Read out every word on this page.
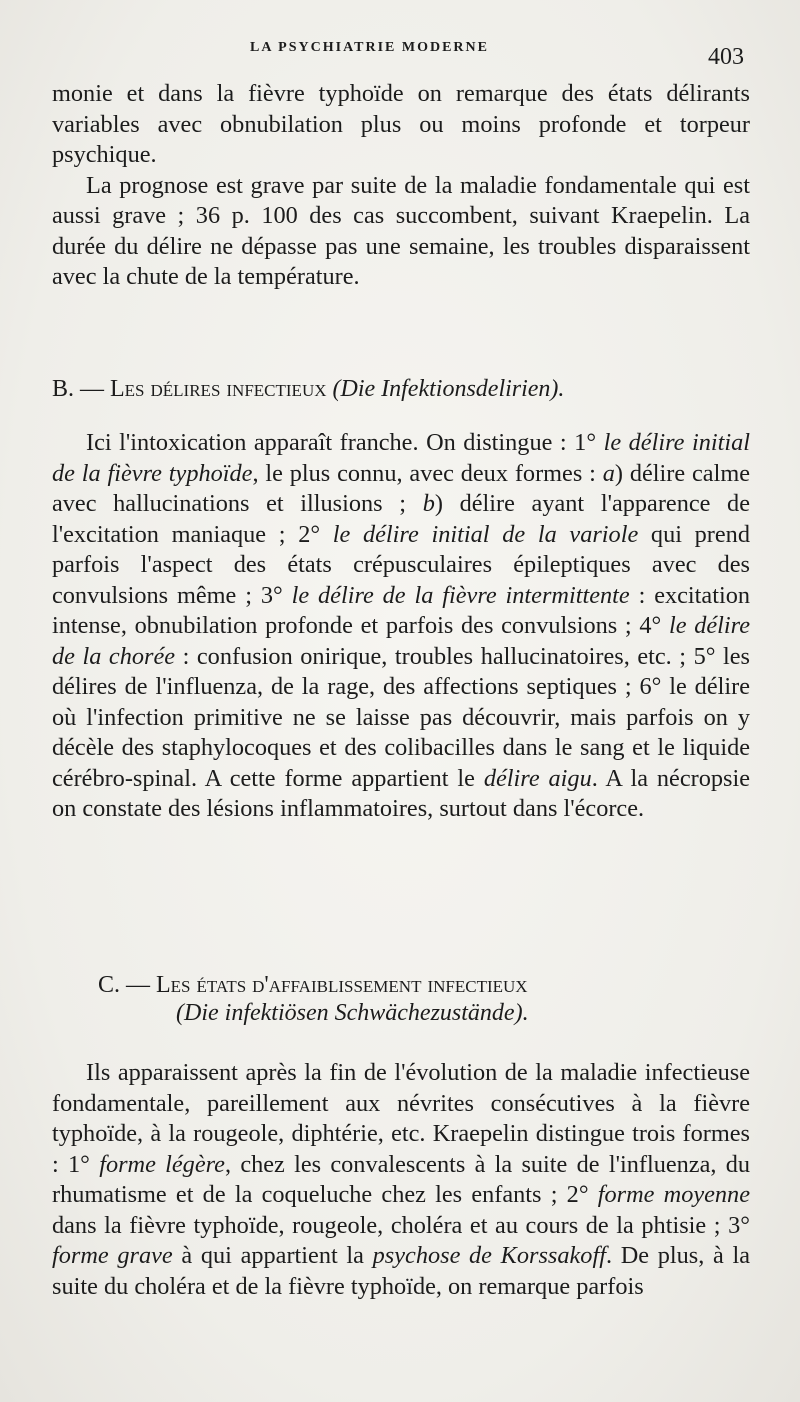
LA PSYCHIATRIE MODERNE	403

monie et dans la fièvre typhoïde on remarque des états délirants variables avec obnubilation plus ou moins profonde et torpeur psychique.

La prognose est grave par suite de la maladie fondamentale qui est aussi grave ; 36 p. 100 des cas succombent, suivant Kraepelin. La durée du délire ne dépasse pas une semaine, les troubles disparaissent avec la chute de la température.

B. — Les délires infectieux (Die Infektionsdelirien).

Ici l'intoxication apparaît franche. On distingue : 1° le délire initial de la fièvre typhoïde, le plus connu, avec deux formes : a) délire calme avec hallucinations et illusions ; b) délire ayant l'apparence de l'excitation maniaque ; 2° le délire initial de la variole qui prend parfois l'aspect des états crépusculaires épileptiques avec des convulsions même ; 3° le délire de la fièvre intermittente : excitation intense, obnubilation profonde et parfois des convulsions ; 4° le délire de la chorée : confusion onirique, troubles hallucinatoires, etc. ; 5° les délires de l'influenza, de la rage, des affections septiques ; 6° le délire où l'infection primitive ne se laisse pas découvrir, mais parfois on y décèle des staphylocoques et des colibacilles dans le sang et le liquide cérébro-spinal. A cette forme appartient le délire aigu. A la nécropsie on constate des lésions inflammatoires, surtout dans l'écorce.

C. — Les états d'affaiblissement infectieux
(Die infektiösen Schwächezustände).

Ils apparaissent après la fin de l'évolution de la maladie infectieuse fondamentale, pareillement aux névrites consécutives à la fièvre typhoïde, à la rougeole, diphtérie, etc. Kraepelin distingue trois formes : 1° forme légère, chez les convalescents à la suite de l'influenza, du rhumatisme et de la coqueluche chez les enfants ; 2° forme moyenne dans la fièvre typhoïde, rougeole, choléra et au cours de la phtisie ; 3° forme grave à qui appartient la psychose de Korssakoff. De plus, à la suite du choléra et de la fièvre typhoïde, on remarque parfois
